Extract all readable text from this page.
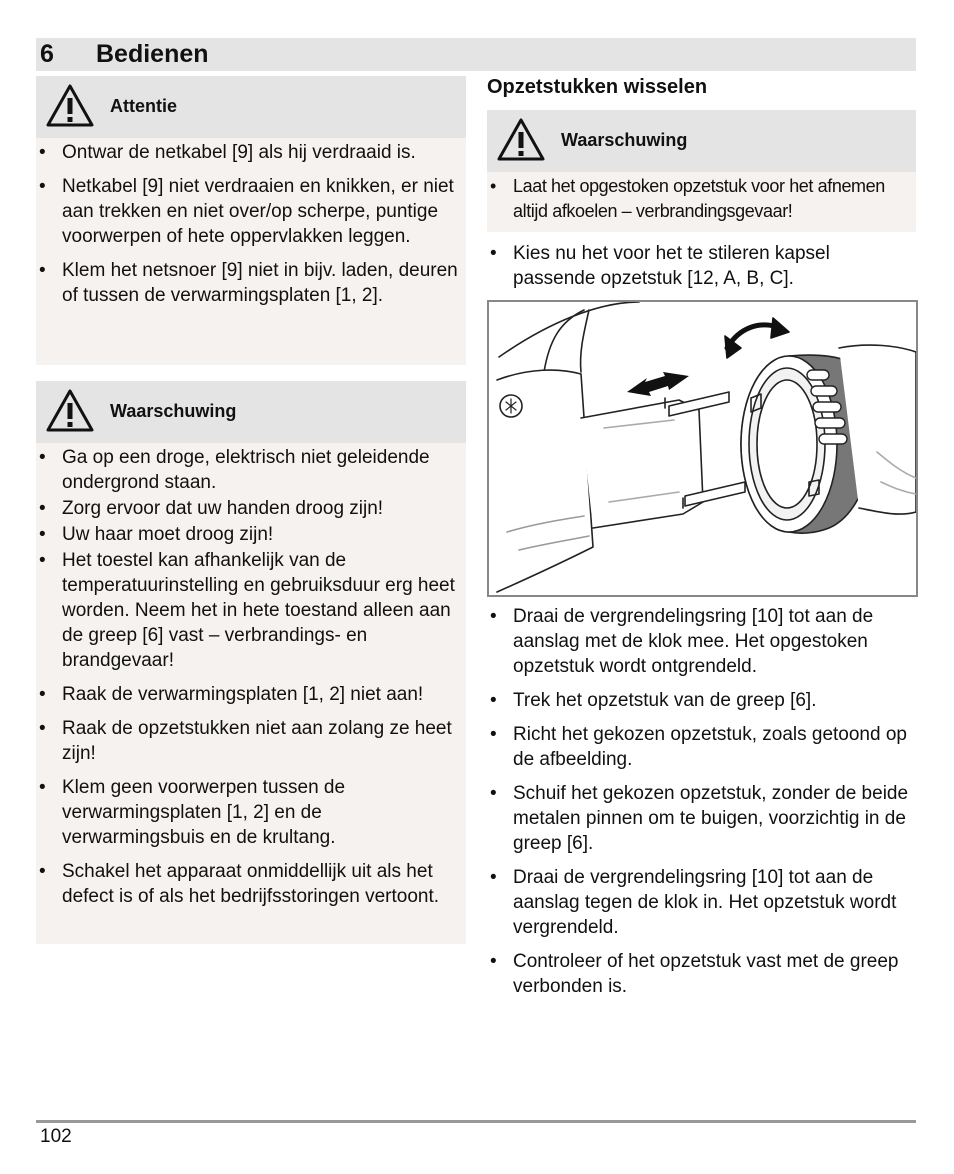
6 Bedienen
Attentie
• Ontwar de netkabel [9] als hij verdraaid is.
• Netkabel [9] niet verdraaien en knikken, er niet aan trekken en niet over/op scherpe, puntige voorwerpen of hete oppervlakken leggen.
• Klem het netsnoer [9] niet in bijv. laden, deuren of tussen de verwarmingsplaten [1, 2].
Waarschuwing
• Ga op een droge, elektrisch niet geleidende ondergrond staan.
• Zorg ervoor dat uw handen droog zijn!
• Uw haar moet droog zijn!
• Het toestel kan afhankelijk van de temperatuurinstelling en gebruiksduur erg heet worden. Neem het in hete toestand alleen aan de greep [6] vast – verbrandings- en brandgevaar!
• Raak de verwarmingsplaten [1, 2] niet aan!
• Raak de opzetstukken niet aan zolang ze heet zijn!
• Klem geen voorwerpen tussen de verwarmingsplaten [1, 2] en de verwarmingsbuis en de krultang.
• Schakel het apparaat onmiddellijk uit als het defect is of als het bedrijfsstoringen vertoont.
Opzetstukken wisselen
Waarschuwing
• Laat het opgestoken opzetstuk voor het afnemen altijd afkoelen – verbrandingsgevaar!
• Kies nu het voor het te stileren kapsel passende opzetstuk [12, A, B, C].
• Draai de vergrendelingsring [10] tot aan de aanslag met de klok mee. Het opgestoken opzetstuk wordt ontgrendeld.
• Trek het opzetstuk van de greep [6].
• Richt het gekozen opzetstuk, zoals getoond op de afbeelding.
• Schuif het gekozen opzetstuk, zonder de beide metalen pinnen om te buigen, voorzichtig in de greep [6].
• Draai de vergrendelingsring [10] tot aan de aanslag tegen de klok in. Het opzetstuk wordt vergrendeld.
• Controleer of het opzetstuk vast met de greep verbonden is.
102
